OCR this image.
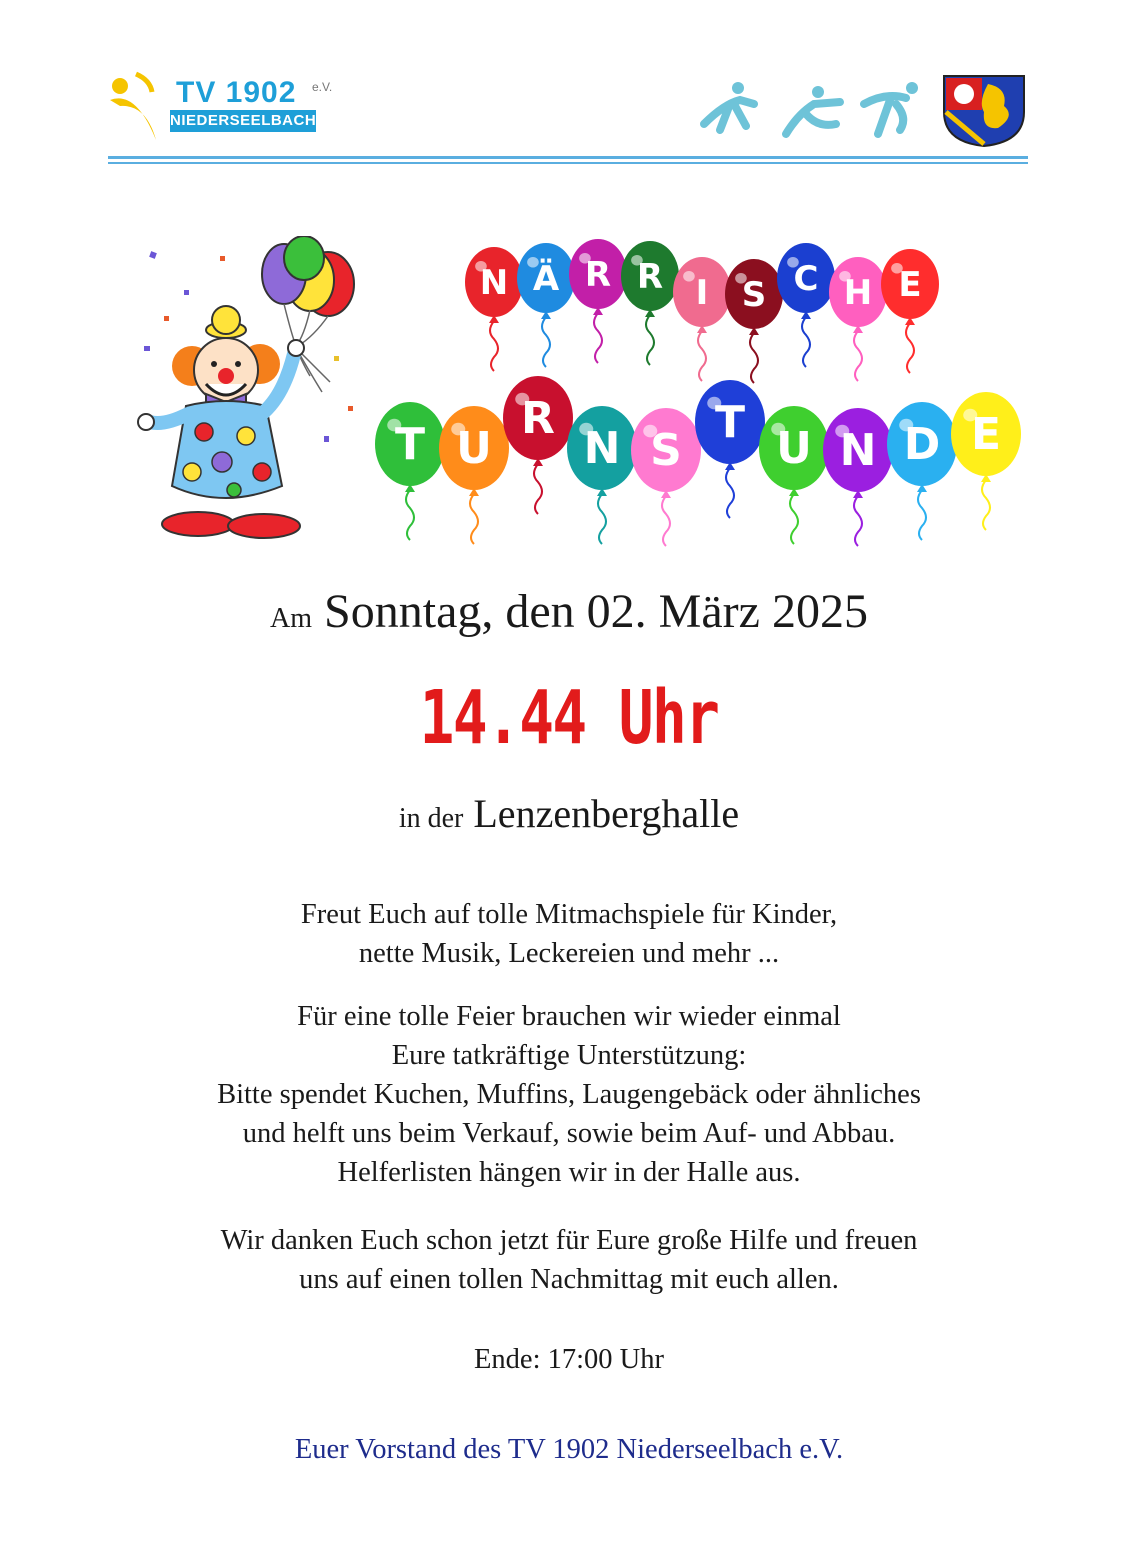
TV 1902 e.V.
NIEDERSEELBACH
N Ä R R I S C H E
T U
R
N S
T
U N D E
Am Sonntag, den 02. März 2025
14.44 Uhr
in der Lenzenberghalle
Freut Euch auf tolle Mitmachspiele für Kinder,
nette Musik, Leckereien und mehr ...
Für eine tolle Feier brauchen wir wieder einmal
Eure tatkräftige Unterstützung:
Bitte spendet Kuchen, Muffins, Laugengebäck oder ähnliches
und helft uns beim Verkauf, sowie beim Auf- und Abbau.
Helferlisten hängen wir in der Halle aus.
Wir danken Euch schon jetzt für Eure große Hilfe und freuen
uns auf einen tollen Nachmittag mit euch allen.
Ende: 17:00 Uhr
Euer Vorstand des TV 1902 Niederseelbach e.V.
